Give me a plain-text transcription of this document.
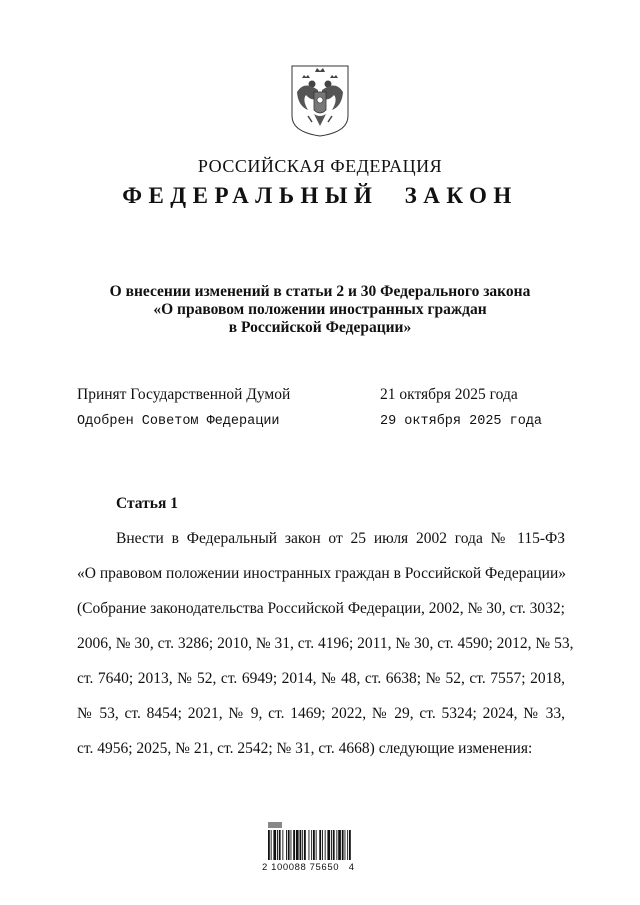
РОССИЙСКАЯ ФЕДЕРАЦИЯ
ФЕДЕРАЛЬНЫЙ ЗАКОН
О внесении изменений в статьи 2 и 30 Федерального закона
«О правовом положении иностранных граждан
в Российской Федерации»
Принят Государственной Думой	21 октября 2025 года
Одобрен Советом Федерации	29 октября 2025 года
Статья 1
Внести в Федеральный закон от 25 июля 2002 года № 115-ФЗ
«О правовом положении иностранных граждан в Российской Федерации»
(Собрание законодательства Российской Федерации, 2002, № 30, ст. 3032;
2006, № 30, ст. 3286; 2010, № 31, ст. 4196; 2011, № 30, ст. 4590; 2012, № 53,
ст. 7640; 2013, № 52, ст. 6949; 2014, № 48, ст. 6638; № 52, ст. 7557; 2018,
№ 53, ст. 8454; 2021, № 9, ст. 1469; 2022, № 29, ст. 5324; 2024, № 33,
ст. 4956; 2025, № 21, ст. 2542; № 31, ст. 4668) следующие изменения:
2 100088 75650   4
